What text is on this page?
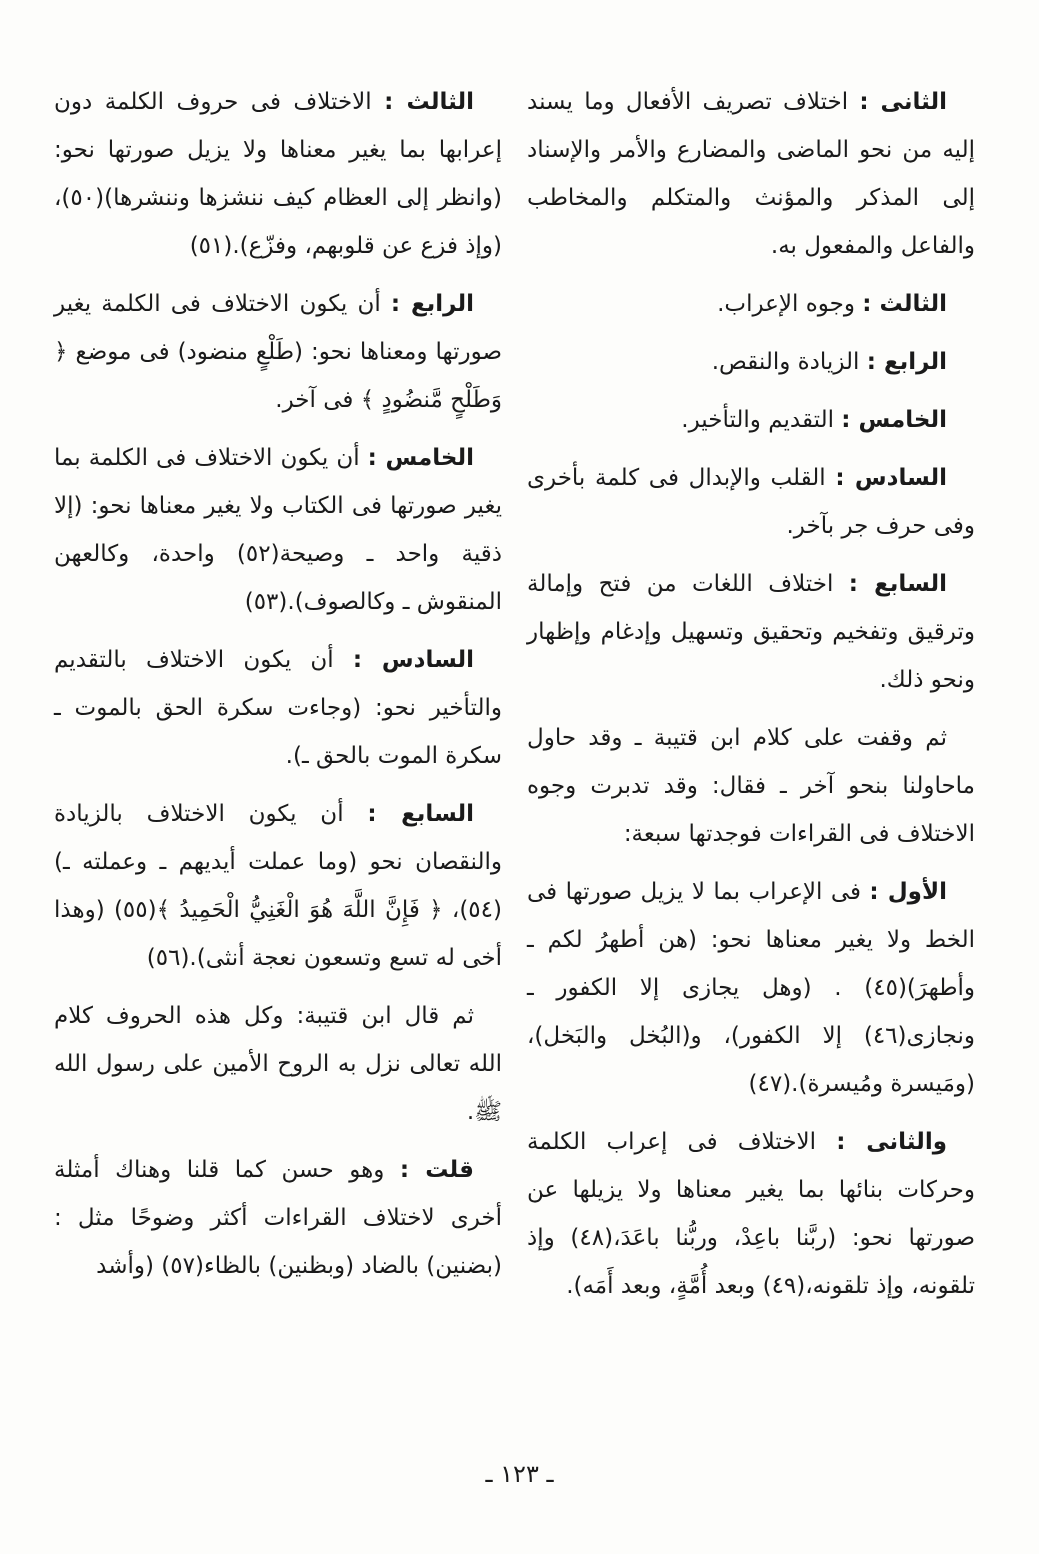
الثانى : اختلاف تصريف الأفعال وما يسند إليه من نحو الماضى والمضارع والأمر والإسناد إلى المذكر والمؤنث والمتكلم والمخاطب والفاعل والمفعول به.

الثالث : وجوه الإعراب.

الرابع : الزيادة والنقص.

الخامس : التقديم والتأخير.

السادس : القلب والإبدال فى كلمة بأخرى وفى حرف جر بآخر.

السابع : اختلاف اللغات من فتح وإمالة وترقيق وتفخيم وتحقيق وتسهيل وإدغام وإظهار ونحو ذلك.

ثم وقفت على كلام ابن قتيبة ـ وقد حاول ماحاولنا بنحو آخر ـ فقال: وقد تدبرت وجوه الاختلاف فى القراءات فوجدتها سبعة:

الأول : فى الإعراب بما لا يزيل صورتها فى الخط ولا يغير معناها نحو: (هن أطهرُ لكم ـ وأطهرَ)(٤٥) . (وهل يجازى إلا الكفور ـ ونجازى(٤٦) إلا الكفور)، و(البُخل والبَخل)، (ومَيسرة ومُيسرة).(٤٧)

والثانى : الاختلاف فى إعراب الكلمة وحركات بنائها بما يغير معناها ولا يزيلها عن صورتها نحو: (ربَّنا باعِدْ، وربُّنا باعَدَ،(٤٨) وإذ تلقونه، وإذ تلقونه،(٤٩) وبعد أُمَّةٍ، وبعد أَمَه).

الثالث : الاختلاف فى حروف الكلمة دون إعرابها بما يغير معناها ولا يزيل صورتها نحو: (وانظر إلى العظام كيف ننشزها وننشرها)(٥٠)، (وإذ فزع عن قلوبهم، وفزّع).(٥١)

الرابع : أن يكون الاختلاف فى الكلمة يغير صورتها ومعناها نحو: (طَلْعٍ منضود) فى موضع ﴿ وَطَلْحٍ مَّنضُودٍ ﴾ فى آخر.

الخامس : أن يكون الاختلاف فى الكلمة بما يغير صورتها فى الكتاب ولا يغير معناها نحو: (إلا ذقية واحد ـ وصيحة(٥٢) واحدة، وكالعهن المنقوش ـ وكالصوف).(٥٣)

السادس : أن يكون الاختلاف بالتقديم والتأخير نحو: (وجاءت سكرة الحق بالموت ـ سكرة الموت بالحق ـ).

السابع : أن يكون الاختلاف بالزيادة والنقصان نحو (وما عملت أيديهم ـ وعملته ـ)(٥٤)، ﴿ فَإِنَّ اللَّهَ هُوَ الْغَنِيُّ الْحَمِيدُ ﴾(٥٥) (وهذا أخى له تسع وتسعون نعجة أنثى).(٥٦)

ثم قال ابن قتيبة: وكل هذه الحروف كلام الله تعالى نزل به الروح الأمين على رسول الله ﷺ.

قلت : وهو حسن كما قلنا وهناك أمثلة أخرى لاختلاف القراءات أكثر وضوحًا مثل : (بضنين) بالضاد (وبظنين) بالظاء(٥٧) (وأشد

ـ ١٢٣ ـ
